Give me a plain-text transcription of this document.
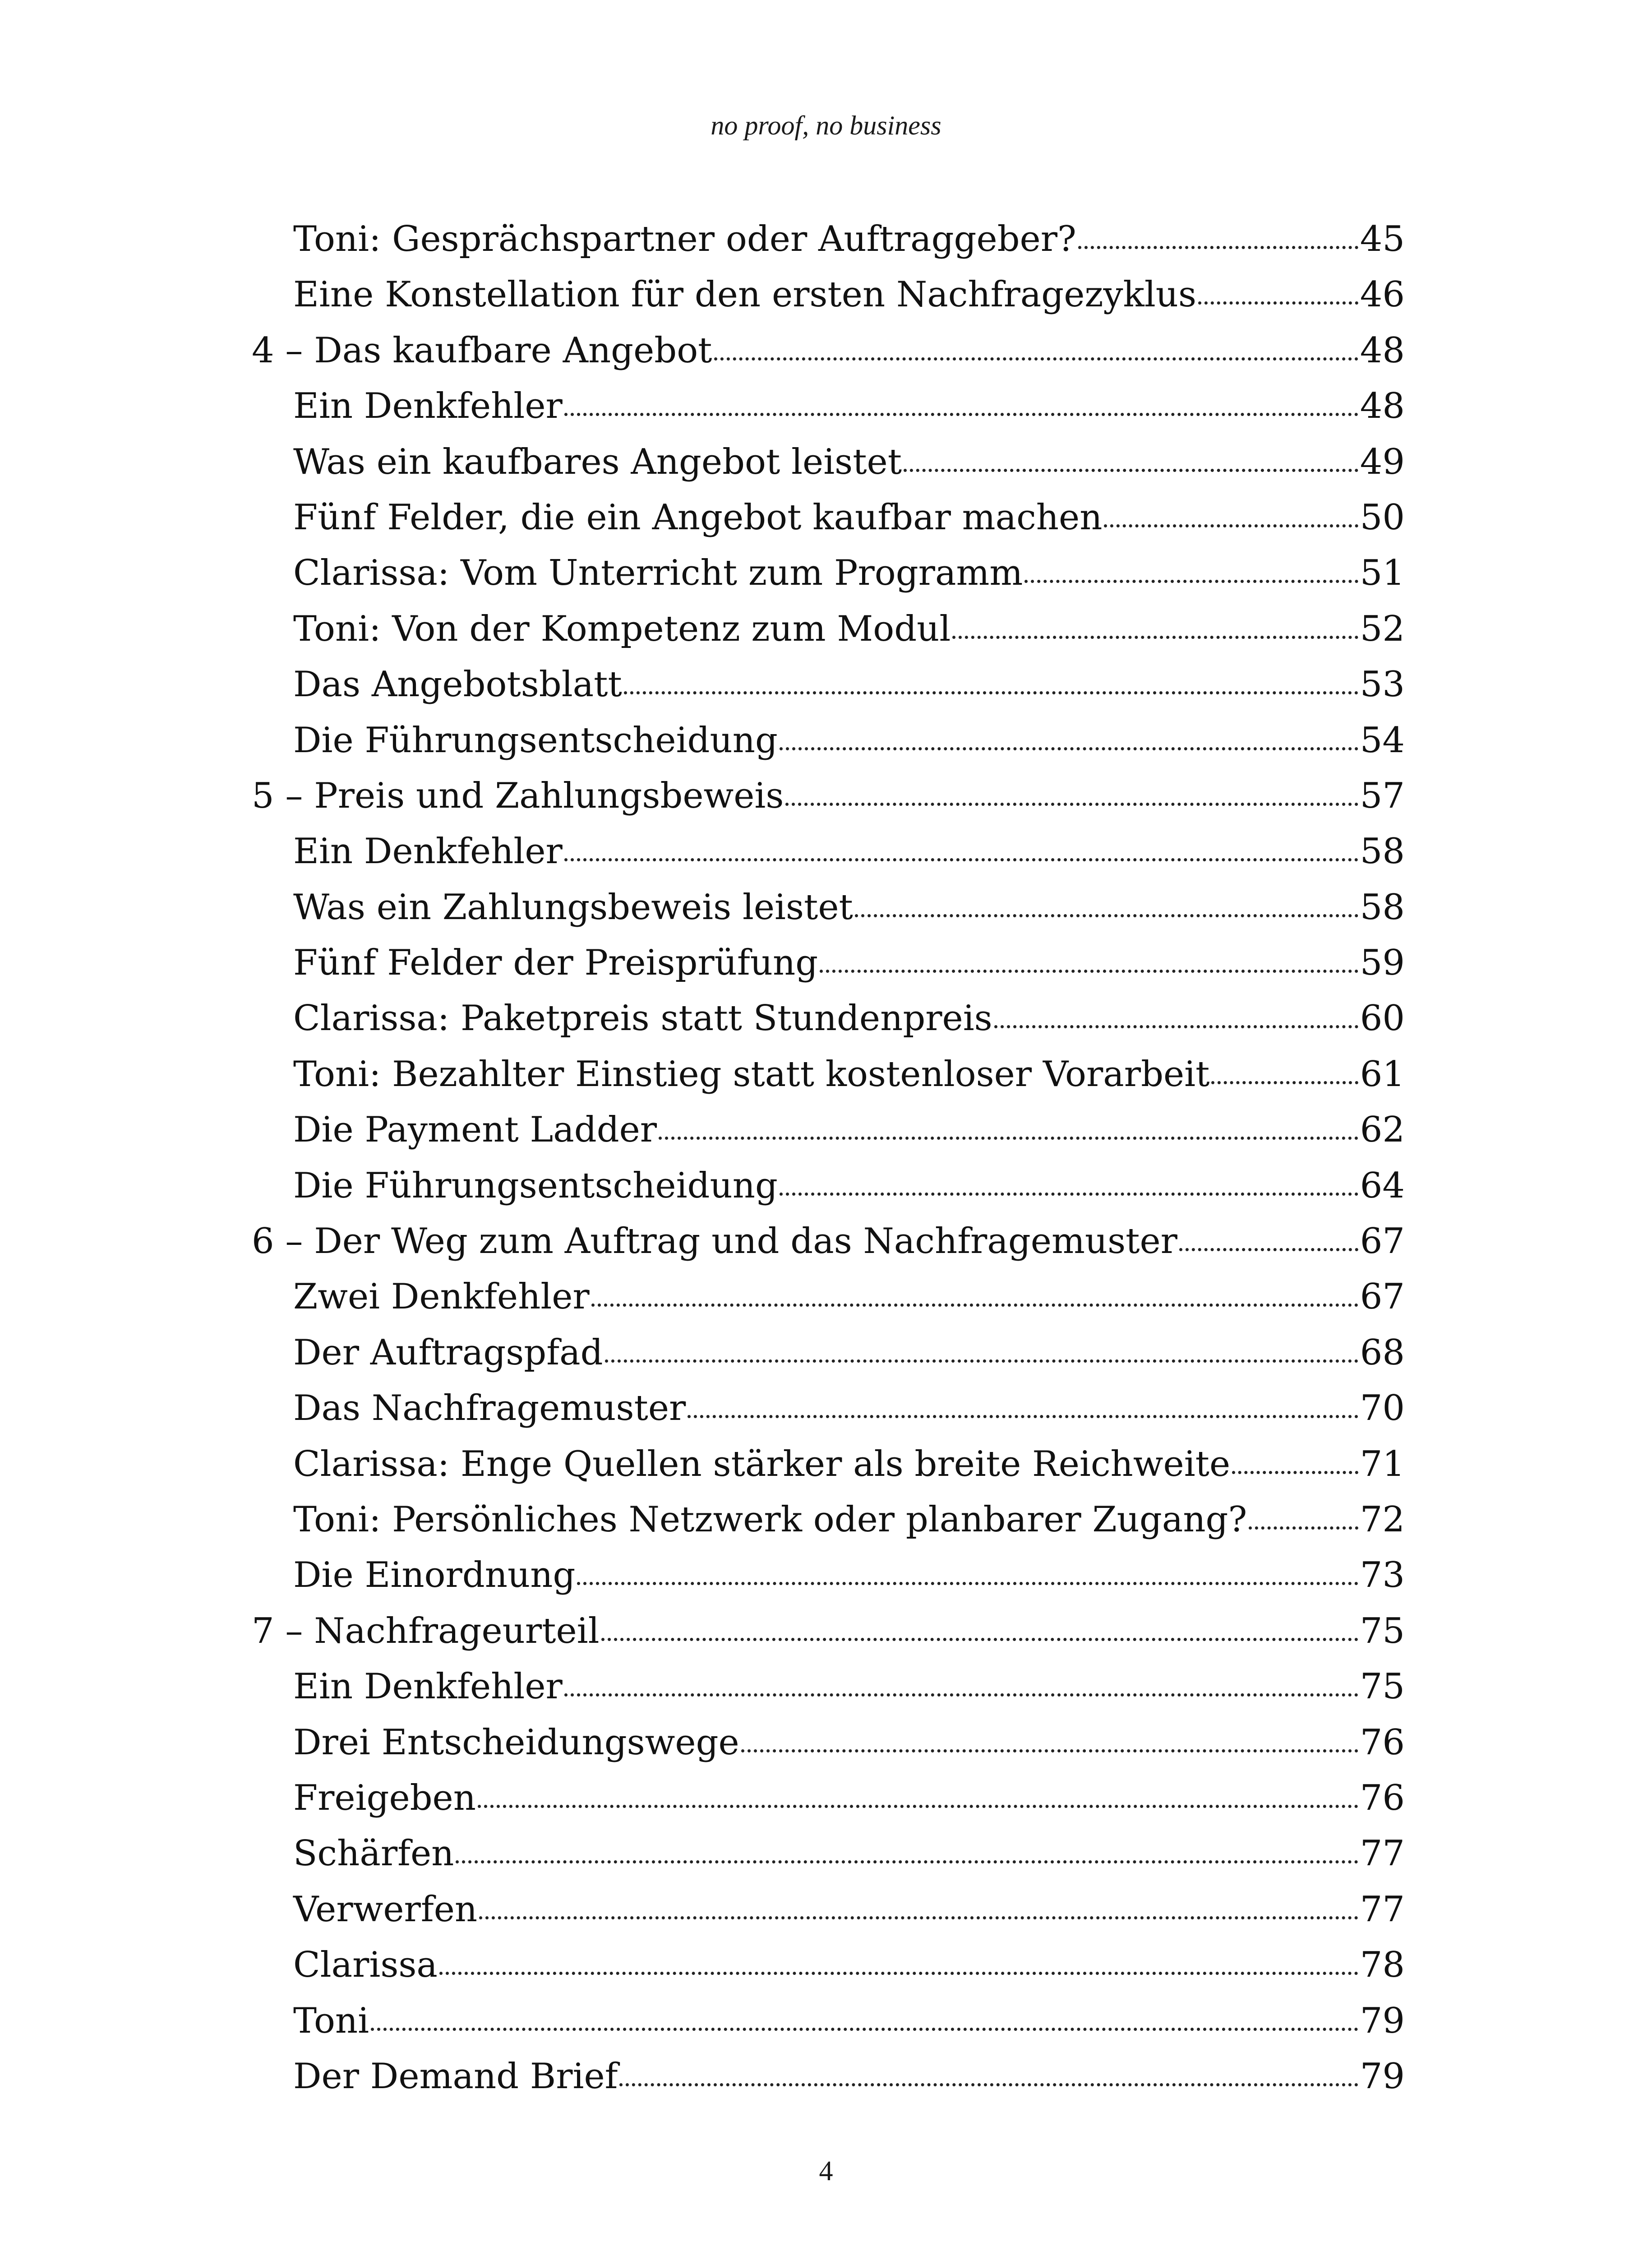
no proof, no business
Toni: Gesprächspartner oder Auftraggeber?	45
Eine Konstellation für den ersten Nachfragezyklus	46
4 – Das kaufbare Angebot	48
Ein Denkfehler	48
Was ein kaufbares Angebot leistet	49
Fünf Felder, die ein Angebot kaufbar machen	50
Clarissa: Vom Unterricht zum Programm	51
Toni: Von der Kompetenz zum Modul	52
Das Angebotsblatt	53
Die Führungsentscheidung	54
5 – Preis und Zahlungsbeweis	57
Ein Denkfehler	58
Was ein Zahlungsbeweis leistet	58
Fünf Felder der Preisprüfung	59
Clarissa: Paketpreis statt Stundenpreis	60
Toni: Bezahlter Einstieg statt kostenloser Vorarbeit	61
Die Payment Ladder	62
Die Führungsentscheidung	64
6 – Der Weg zum Auftrag und das Nachfragemuster	67
Zwei Denkfehler	67
Der Auftragspfad	68
Das Nachfragemuster	70
Clarissa: Enge Quellen stärker als breite Reichweite	71
Toni: Persönliches Netzwerk oder planbarer Zugang?	72
Die Einordnung	73
7 – Nachfrageurteil	75
Ein Denkfehler	75
Drei Entscheidungswege	76
Freigeben	76
Schärfen	77
Verwerfen	77
Clarissa	78
Toni	79
Der Demand Brief	79
4
